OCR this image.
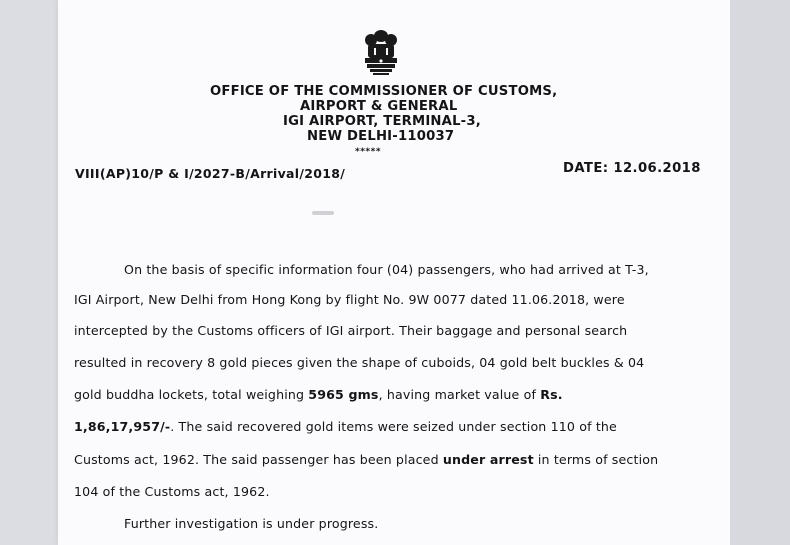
OFFICE OF THE COMMISSIONER OF CUSTOMS,
AIRPORT & GENERAL
IGI AIRPORT, TERMINAL-3,
NEW DELHI-110037
*****
VIII(AP)10/P & I/2027-B/Arrival/2018/	DATE: 12.06.2018
On the basis of specific information four (04) passengers, who had arrived at T-3,
IGI Airport, New Delhi from Hong Kong by flight No. 9W 0077 dated 11.06.2018, were
intercepted by the Customs officers of IGI airport. Their baggage and personal search
resulted in recovery 8 gold pieces given the shape of cuboids, 04 gold belt buckles & 04
gold buddha lockets, total weighing 5965 gms, having market value of Rs.
1,86,17,957/-. The said recovered gold items were seized under section 110 of the
Customs act, 1962. The said passenger has been placed under arrest in terms of section
104 of the Customs act, 1962.
Further investigation is under progress.
